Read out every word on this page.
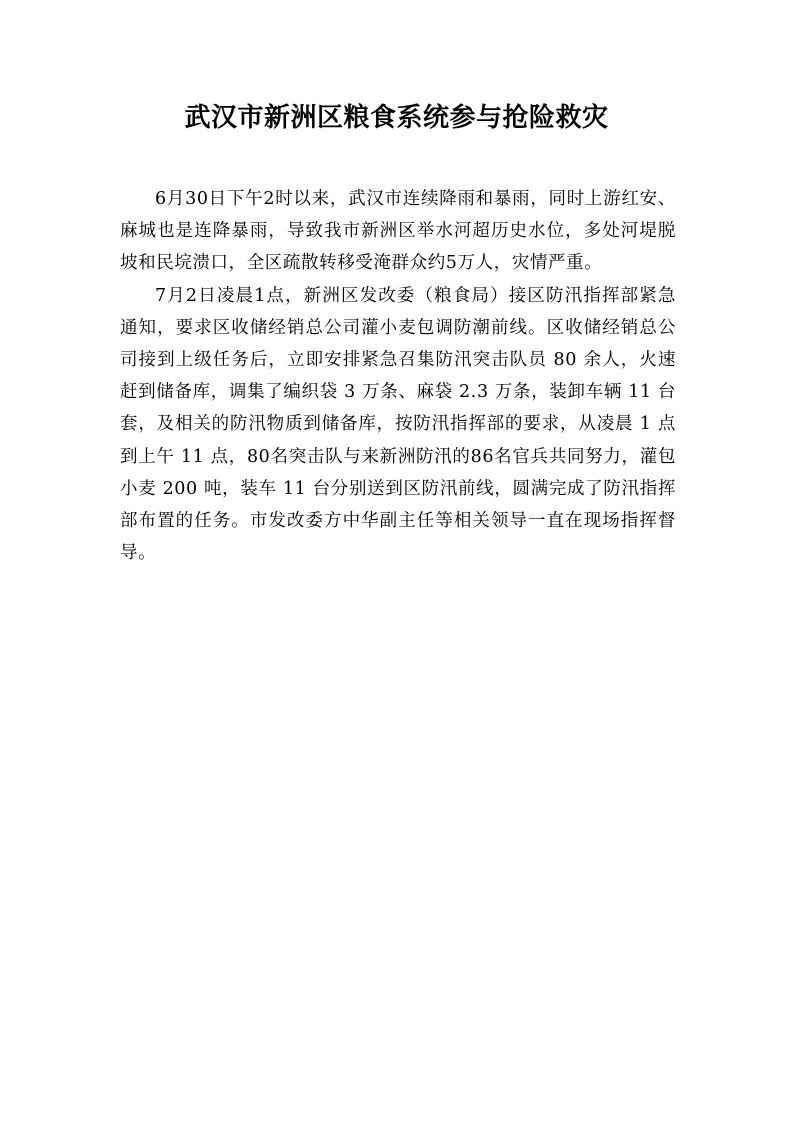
武汉市新洲区粮食系统参与抢险救灾

6月30日下午2时以来，武汉市连续降雨和暴雨，同时上游红安、麻城也是连降暴雨，导致我市新洲区举水河超历史水位，多处河堤脱坡和民垸溃口，全区疏散转移受淹群众约5万人，灾情严重。

7月2日凌晨1点，新洲区发改委（粮食局）接区防汛指挥部紧急通知，要求区收储经销总公司灌小麦包调防潮前线。区收储经销总公司接到上级任务后，立即安排紧急召集防汛突击队员 80 余人，火速赶到储备库，调集了编织袋 3 万条、麻袋 2.3 万条，装卸车辆 11 台套，及相关的防汛物质到储备库，按防汛指挥部的要求，从凌晨 1 点到上午 11 点，80名突击队与来新洲防汛的86名官兵共同努力，灌包小麦 200 吨，装车 11 台分别送到区防汛前线，圆满完成了防汛指挥部布置的任务。市发改委方中华副主任等相关领导一直在现场指挥督导。
